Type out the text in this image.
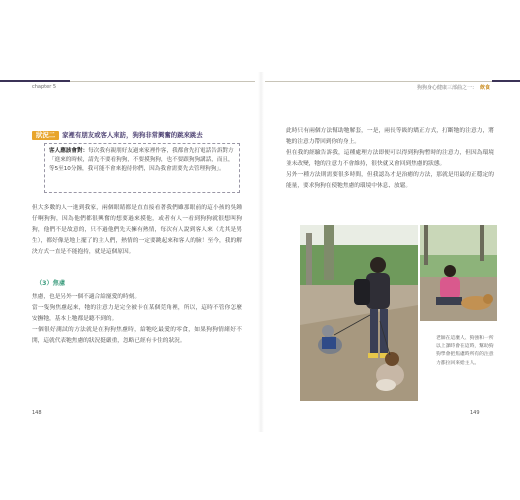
chapter 5	狗狗身心健康三部曲之一： 飲食
狀況二 家裡有朋友或客人來訪，狗狗非常興奮的跳來跳去
客人應該會對：每次我有親朋好友過來家裡作客，我都會先打電話告訴對方「進來的時候，請先不要看狗狗，不要摸狗狗，也不要跟狗狗講話，而且，等5至10分鐘，我可能不會來抱待你們，因為我會需要先去管理狗狗」。
但大多數的人一進到我家，兩個眼睛都是直直接看著我們雖那眼前的這小孩的吳鍾仔啊狗狗，因為他們都很興奮的想要過來摸他，或者有人一看到狗狗就很想叫狗狗，他們不是故意的，只不過他們先天擁有熱情，每次有人說到客人來（尤其是男生），都好像是地上擺了的主人們，熱情的一定要跳起來和客人的臉！至今，我的解決方式一直是不能抱持，就是這個原因。
（3）焦慮
焦慮，也是另外一個不適合給寵愛的時刻。
當一隻狗焦慮起來，牠的注意力是完全被卡在某個莞角裡，所以，這時不管你怎麼安撫牠，基本上牠都是聽不到的。
一個很好測試的方法就是在狗狗焦慮時，給牠吃最愛的零食，如果狗狗情緒好不開，這就代表牠焦慮的狀況挺嚴重，忽略已經有卡住的狀況。
此時只有兩個方法幫助牠解套，一是，兩長等級的矯正方式，打斷牠的注意力，將牠的注意力帶回到你的身上。
但在我的經驗告訴我，這種處理方法即便可以得到狗狗暫時的注意力，但因為環境並未改變，牠的注意力不會維持，很快就又會回到焦慮的狀態。
另外一種方法則需要很多時間，但我認為才是治癒的方法，那就是用最的正穩定的能量，要求狗狗在使牠焦慮的環境中休息、放鬆。
老師在這麼人、狗強和一所以上課時會在這時，幫助狗狗學會把焦慮時所有的注意力都拉回來給主人。
148	149
